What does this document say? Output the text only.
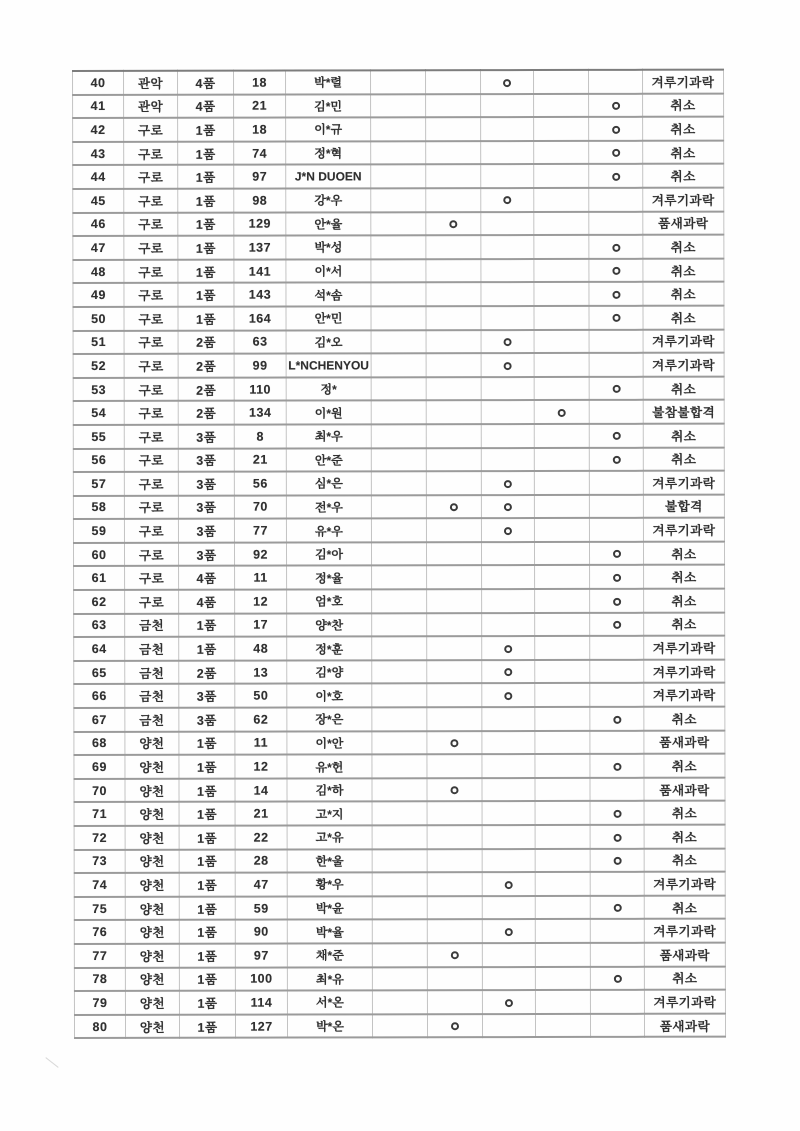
40	관악	4품	18	박*렬						겨루기과락
41	관악	4품	21	김*민						취소
42	구로	1품	18	이*규						취소
43	구로	1품	74	정*혁						취소
44	구로	1품	97	J*N DUOEN						취소
45	구로	1품	98	강*우						겨루기과락
46	구로	1품	129	안*율						품새과락
47	구로	1품	137	박*성						취소
48	구로	1품	141	이*서						취소
49	구로	1품	143	석*솜						취소
50	구로	1품	164	안*민						취소
51	구로	2품	63	김*오						겨루기과락
52	구로	2품	99	L*NCHENYOU						겨루기과락
53	구로	2품	110	정*						취소
54	구로	2품	134	이*원						불참불합격
55	구로	3품	8	최*우						취소
56	구로	3품	21	안*준						취소
57	구로	3품	56	심*은						겨루기과락
58	구로	3품	70	전*우						불합격
59	구로	3품	77	유*우						겨루기과락
60	구로	3품	92	김*아						취소
61	구로	4품	11	정*율						취소
62	구로	4품	12	엄*호						취소
63	금천	1품	17	양*찬						취소
64	금천	1품	48	정*훈						겨루기과락
65	금천	2품	13	김*양						겨루기과락
66	금천	3품	50	이*호						겨루기과락
67	금천	3품	62	장*은						취소
68	양천	1품	11	이*안						품새과락
69	양천	1품	12	유*헌						취소
70	양천	1품	14	김*하						품새과락
71	양천	1품	21	고*지						취소
72	양천	1품	22	고*유						취소
73	양천	1품	28	한*울						취소
74	양천	1품	47	황*우						겨루기과락
75	양천	1품	59	박*윤						취소
76	양천	1품	90	박*율						겨루기과락
77	양천	1품	97	채*준						품새과락
78	양천	1품	100	최*유						취소
79	양천	1품	114	서*온						겨루기과락
80	양천	1품	127	박*온						품새과락
